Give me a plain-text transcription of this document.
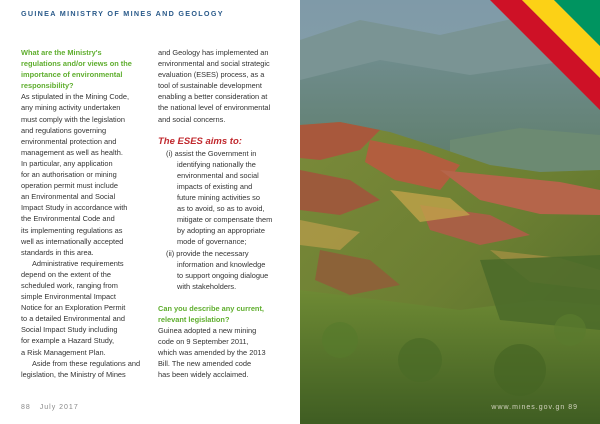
GUINEA MINISTRY OF MINES AND GEOLOGY
What are the Ministry's
regulations and/or views on the
importance of environmental
responsibility?
As stipulated in the Mining Code,
any mining activity undertaken
must comply with the legislation
and regulations governing
environmental protection and
management as well as health.
In particular, any application
for an authorisation or mining
operation permit must include
an Environmental and Social
Impact Study in accordance with
the Environmental Code and
its implementing regulations as
well as internationally accepted
standards in this area.
Administrative requirements
depend on the extent of the
scheduled work, ranging from
simple Environmental Impact
Notice for an Exploration Permit
to a detailed Environmental and
Social Impact Study including
for example a Hazard Study,
a Risk Management Plan.
Aside from these regulations and
legislation, the Ministry of Mines
and Geology has implemented an
environmental and social strategic
evaluation (ESES) process, as a
tool of sustainable development
enabling a better consideration at
the national level of environmental
and social concerns.
The ESES aims to:
(i) assist the Government in
identifying nationally the
environmental and social
impacts of existing and
future mining activities so
as to avoid, so as to avoid,
mitigate or compensate them
by adopting an appropriate
mode of governance;
(ii) provide the necessary
information and knowledge
to support ongoing dialogue
with stakeholders.
Can you describe any current,
relevant legislation?
Guinea adopted a new mining
code on 9 September 2011,
which was amended by the 2013
Bill. The new amended code
has been widely acclaimed.
88 July 2017	www.mines.gov.gn 89
